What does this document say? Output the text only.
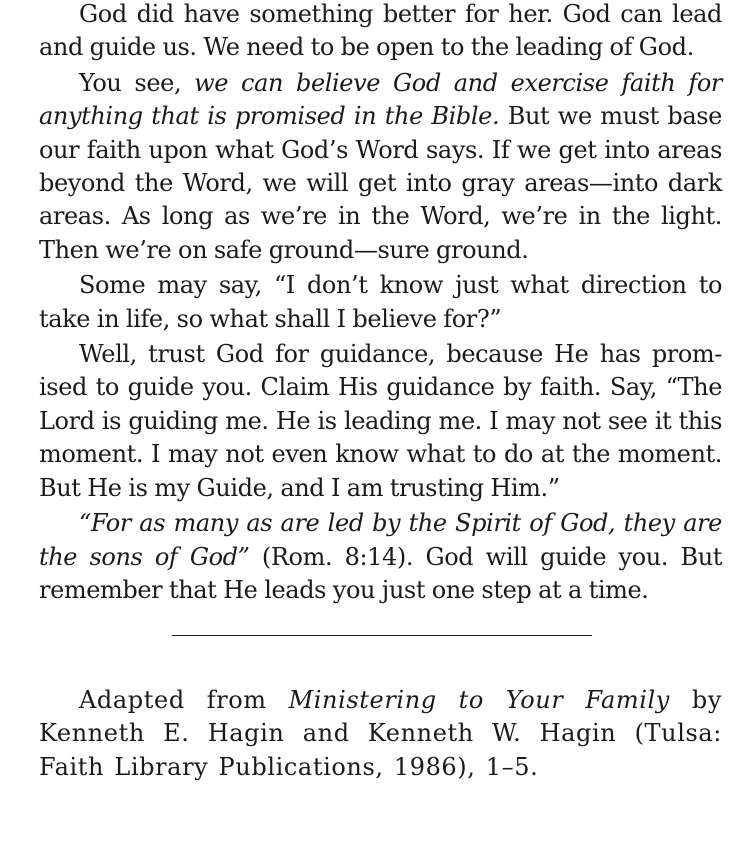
God did have something better for her. God can lead and guide us. We need to be open to the leading of God.

You see, we can believe God and exercise faith for anything that is promised in the Bible. But we must base our faith upon what God’s Word says. If we get into areas beyond the Word, we will get into gray areas—into dark areas. As long as we’re in the Word, we’re in the light. Then we’re on safe ground—sure ground.

Some may say, “I don’t know just what direction to take in life, so what shall I believe for?”

Well, trust God for guidance, because He has prom-ised to guide you. Claim His guidance by faith. Say, “The Lord is guiding me. He is leading me. I may not see it this moment. I may not even know what to do at the moment. But He is my Guide, and I am trusting Him.”

“For as many as are led by the Spirit of God, they are the sons of God” (Rom. 8:14). God will guide you. But remember that He leads you just one step at a time.

Adapted from Ministering to Your Family by Kenneth E. Hagin and Kenneth W. Hagin (Tulsa: Faith Library Publications, 1986), 1–5.
